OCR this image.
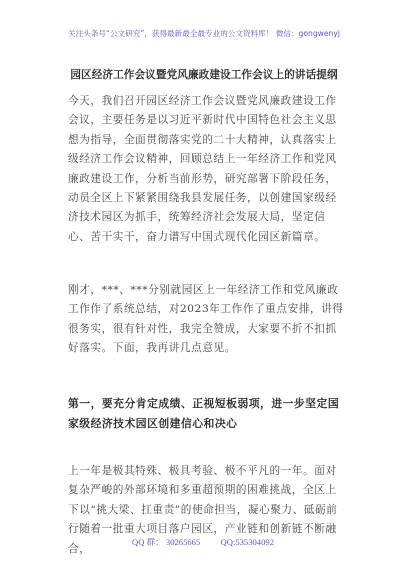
关注头条号“公文研究”，获得最新最全最专业的公文资料库！ 微信：gongwenyj
园区经济工作会议暨党风廉政建设工作会议上的讲话提纲
今天，我们召开园区经济工作会议暨党风廉政建设工作会议，主要任务是以习近平新时代中国特色社会主义思想为指导，全面贯彻落实党的二十大精神，认真落实上级经济工作会议精神，回顾总结上一年经济工作和党风廉政建设工作，分析当前形势，研究部署下阶段任务，动员全区上下紧紧围绕我县发展任务，以创建国家级经济技术园区为抓手，统筹经济社会发展大局，坚定信心、苦干实干，奋力谱写中国式现代化园区新篇章。
刚才，***、***分别就园区上一年经济工作和党风廉政工作作了系统总结，对2023年工作作了重点安排，讲得很务实，很有针对性，我完全赞成，大家要不折不扣抓好落实。下面，我再讲几点意见。
第一，要充分肯定成绩、正视短板弱项，进一步坚定国家级经济技术园区创建信心和决心
上一年是极其特殊、极具考验、极不平凡的一年。面对复杂严峻的外部环境和多重超预期的困难挑战，全区上下以“挑大梁、扛重责”的使命担当，凝心聚力、砥砺前行随着一批重大项目落户园区，产业链和创新链不断融合，
QQ 群： 30265665 QQ:535304092
